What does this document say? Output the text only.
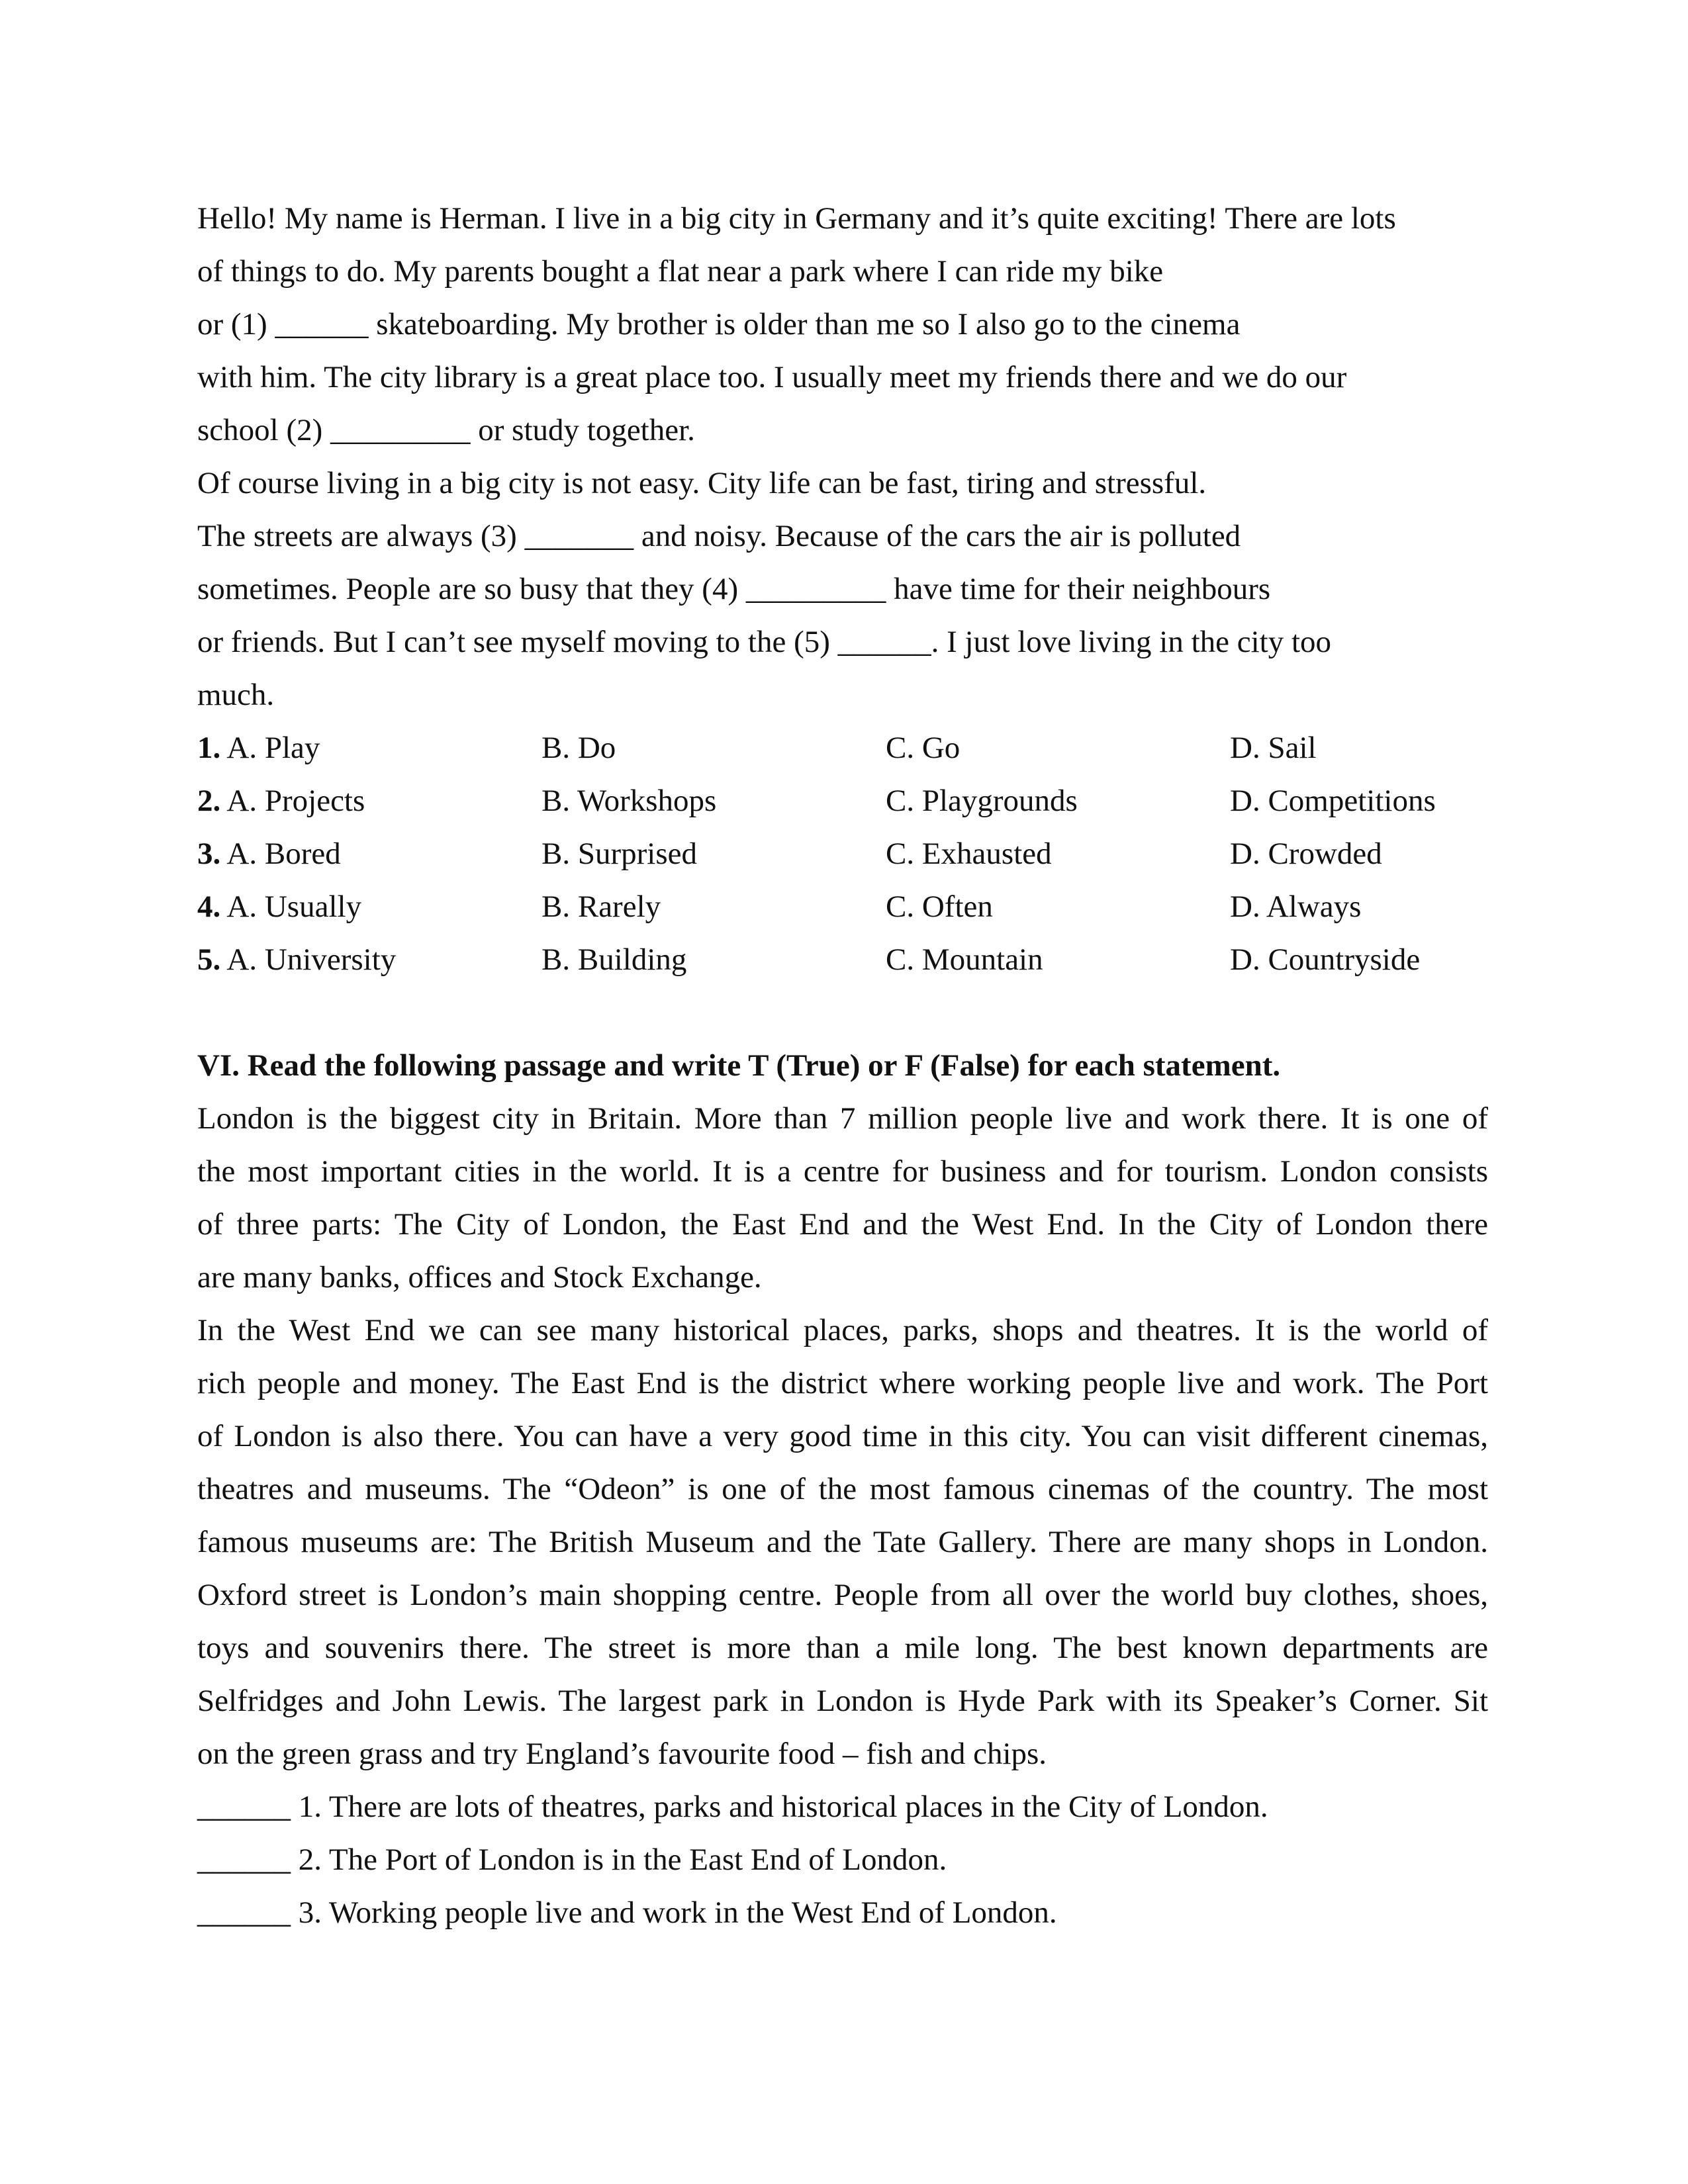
Hello! My name is Herman. I live in a big city in Germany and it’s quite exciting! There are lots
of things to do. My parents bought a flat near a park where I can ride my bike
or (1) ______ skateboarding. My brother is older than me so I also go to the cinema
with him. The city library is a great place too. I usually meet my friends there and we do our
school (2) _________ or study together.
Of course living in a big city is not easy. City life can be fast, tiring and stressful.
The streets are always (3) _______ and noisy. Because of the cars the air is polluted
sometimes. People are so busy that they (4) _________ have time for their neighbours
or friends. But I can’t see myself moving to the (5) ______. I just love living in the city too
much.
1. A. Play	B. Do	C. Go	D. Sail
2. A. Projects	B. Workshops	C. Playgrounds	D. Competitions
3. A. Bored	B. Surprised	C. Exhausted	D. Crowded
4. A. Usually	B. Rarely	C. Often	D. Always
5. A. University	B. Building	C. Mountain	D. Countryside
VI. Read the following passage and write T (True) or F (False) for each statement.
London is the biggest city in Britain. More than 7 million people live and work there. It is one of
the most important cities in the world. It is a centre for business and for tourism. London consists
of three parts: The City of London, the East End and the West End. In the City of London there
are many banks, offices and Stock Exchange.
In the West End we can see many historical places, parks, shops and theatres. It is the world of
rich people and money. The East End is the district where working people live and work. The Port
of London is also there. You can have a very good time in this city. You can visit different cinemas,
theatres and museums. The “Odeon” is one of the most famous cinemas of the country. The most
famous museums are: The British Museum and the Tate Gallery. There are many shops in London.
Oxford street is London’s main shopping centre. People from all over the world buy clothes, shoes,
toys and souvenirs there. The street is more than a mile long. The best known departments are
Selfridges and John Lewis. The largest park in London is Hyde Park with its Speaker’s Corner. Sit
on the green grass and try England’s favourite food – fish and chips.
______ 1. There are lots of theatres, parks and historical places in the City of London.
______ 2. The Port of London is in the East End of London.
______ 3. Working people live and work in the West End of London.
